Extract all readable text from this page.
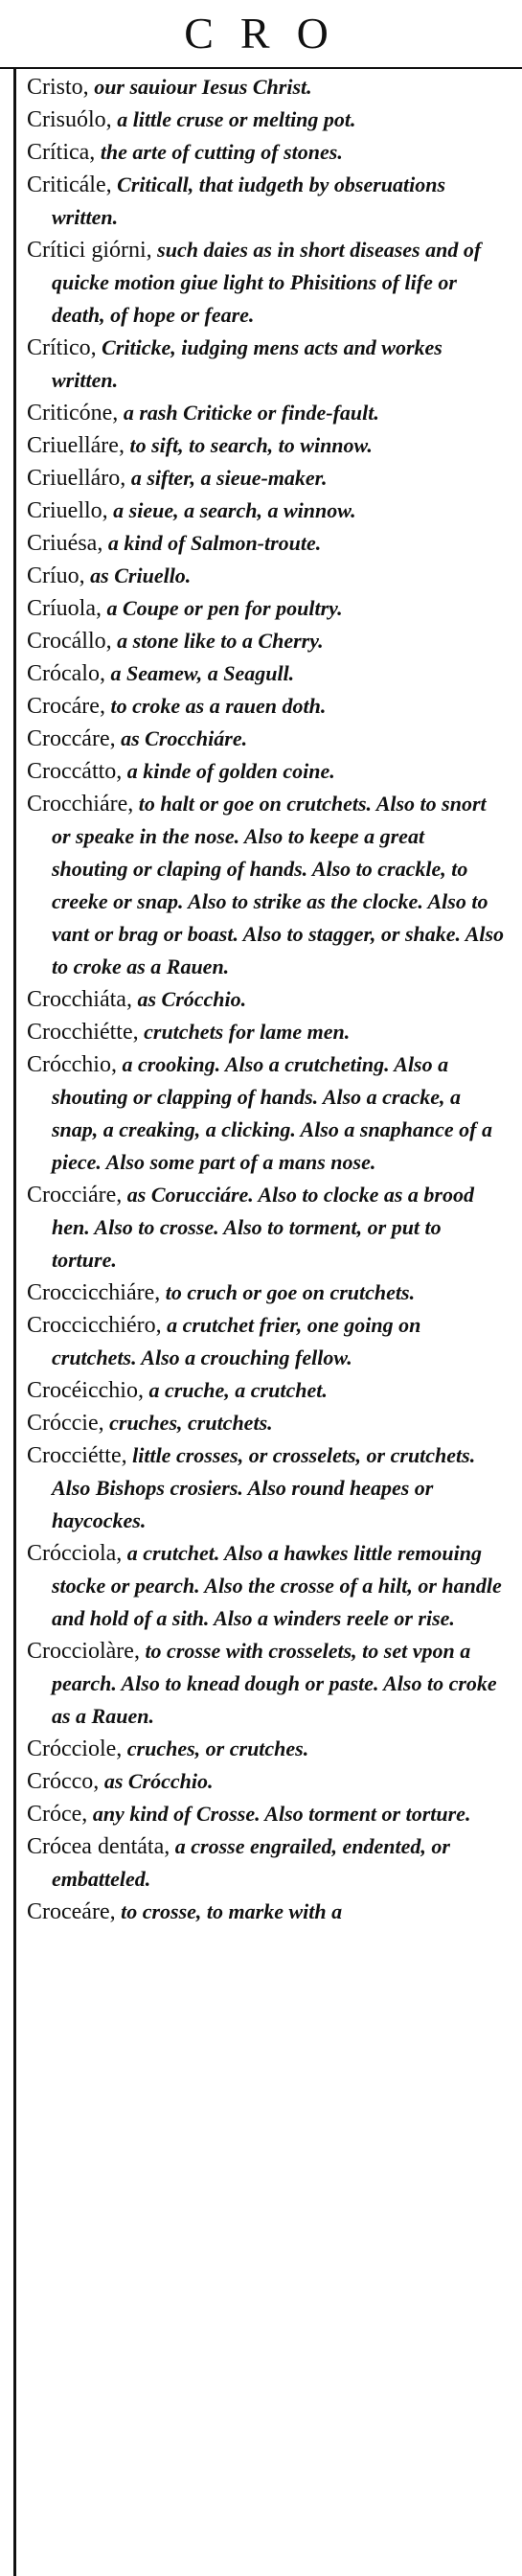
CRO
Cristo, our sauiour Iesus Christ.
Crisuólo, a little cruse or melting pot.
Crítica, the arte of cutting of stones.
Criticále, Criticall, that iudgeth by obseruations written.
Crítici giórni, such daies as in short diseases and of quicke motion giue light to Phisitions of life or death, of hope or feare.
Crítico, Criticke, iudging mens acts and workes written.
Criticóne, a rash Criticke or finde-fault.
Criuelláre, to sift, to search, to winnow.
Criuelláro, a sifter, a sieue-maker.
Criuello, a sieue, a search, a winnow.
Criuésa, a kind of Salmon-troute.
Críuo, as Criuello.
Críuola, a Coupe or pen for poultry.
Crocállo, a stone like to a Cherry.
Crócalo, a Seamew, a Seagull.
Crocáre, to croke as a rauen doth.
Croccáre, as Crocchiáre.
Croccátto, a kinde of golden coine.
Crocchiáre, to halt or goe on crutchets. Also to snort or speake in the nose. Also to keepe a great shouting or claping of hands. Also to crackle, to creeke or snap. Also to strike as the clocke. Also to vant or brag or boast. Also to stagger, or shake. Also to croke as a Rauen.
Crocchiáta, as Crócchio.
Crocchiétte, crutchets for lame men.
Crócchio, a crooking. Also a crutcheting. Also a shouting or clapping of hands. Also a cracke, a snap, a creaking, a clicking. Also a snaphance of a piece. Also some part of a mans nose.
Crocciáre, as Corucciáre. Also to clocke as a brood hen. Also to crosse. Also to torment, or put to torture.
Croccicchiáre, to cruch or goe on crutchets.
Croccicchiéro, a crutchet frier, one going on crutchets. Also a crouching fellow.
Crocéicchio, a cruche, a crutchet.
Cróccie, cruches, crutchets.
Crocciétte, little crosses, or crosselets, or crutchets. Also Bishops crosiers. Also round heapes or haycockes.
Crócciola, a crutchet. Also a hawkes little remouing stocke or pearch. Also the crosse of a hilt, or handle and hold of a sith. Also a winders reele or rise.
Crocciolàre, to crosse with crosselets, to set vpon a pearch. Also to knead dough or paste. Also to croke as a Rauen.
Crócciole, cruches, or crutches.
Crócco, as Crócchio.
Cróce, any kind of Crosse. Also torment or torture.
Crócea dentáta, a crosse engrailed, endented, or embatteled.
Croceáre, to crosse, to marke with a
